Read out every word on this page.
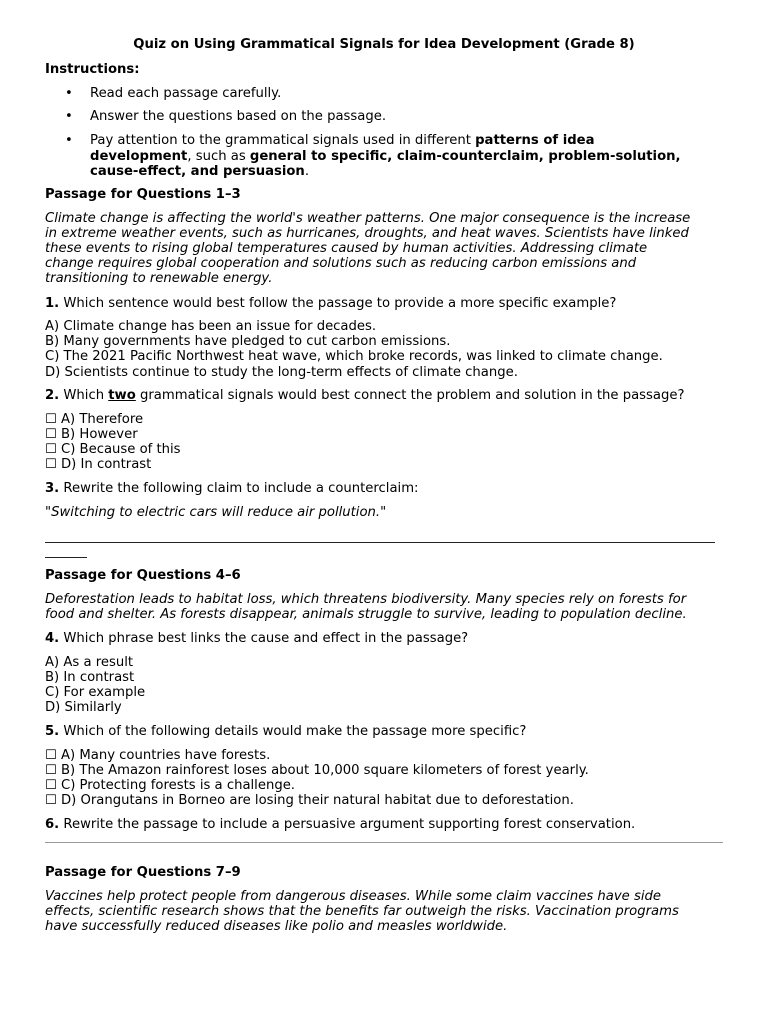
Quiz on Using Grammatical Signals for Idea Development (Grade 8)
Instructions:
• Read each passage carefully.
• Answer the questions based on the passage.
• Pay attention to the grammatical signals used in different patterns of idea
development, such as general to specific, claim-counterclaim, problem-solution,
cause-effect, and persuasion.
Passage for Questions 1–3
Climate change is affecting the world's weather patterns. One major consequence is the increase
in extreme weather events, such as hurricanes, droughts, and heat waves. Scientists have linked
these events to rising global temperatures caused by human activities. Addressing climate
change requires global cooperation and solutions such as reducing carbon emissions and
transitioning to renewable energy.
1. Which sentence would best follow the passage to provide a more specific example?
A) Climate change has been an issue for decades.
B) Many governments have pledged to cut carbon emissions.
C) The 2021 Pacific Northwest heat wave, which broke records, was linked to climate change.
D) Scientists continue to study the long-term effects of climate change.
2. Which two grammatical signals would best connect the problem and solution in the passage?
☐ A) Therefore
☐ B) However
☐ C) Because of this
☐ D) In contrast
3. Rewrite the following claim to include a counterclaim:
"Switching to electric cars will reduce air pollution."
Passage for Questions 4–6
Deforestation leads to habitat loss, which threatens biodiversity. Many species rely on forests for
food and shelter. As forests disappear, animals struggle to survive, leading to population decline.
4. Which phrase best links the cause and effect in the passage?
A) As a result
B) In contrast
C) For example
D) Similarly
5. Which of the following details would make the passage more specific?
☐ A) Many countries have forests.
☐ B) The Amazon rainforest loses about 10,000 square kilometers of forest yearly.
☐ C) Protecting forests is a challenge.
☐ D) Orangutans in Borneo are losing their natural habitat due to deforestation.
6. Rewrite the passage to include a persuasive argument supporting forest conservation.
Passage for Questions 7–9
Vaccines help protect people from dangerous diseases. While some claim vaccines have side
effects, scientific research shows that the benefits far outweigh the risks. Vaccination programs
have successfully reduced diseases like polio and measles worldwide.
